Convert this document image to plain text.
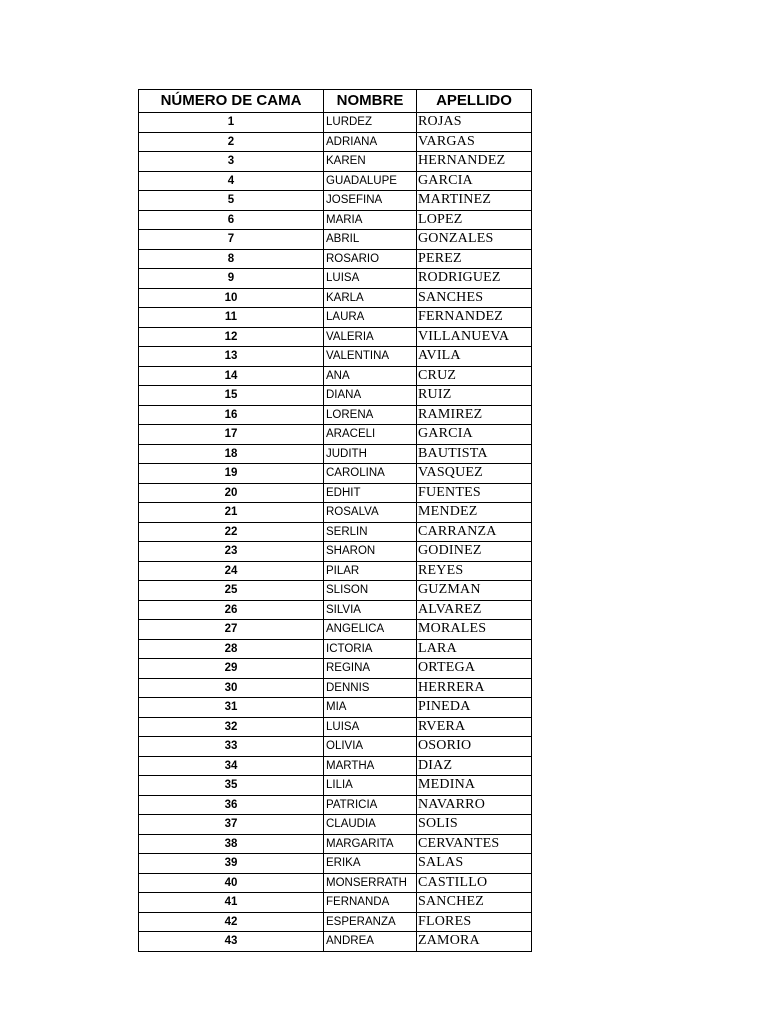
NÚMERO DE CAMA	NOMBRE	APELLIDO
1	LURDEZ	ROJAS
2	ADRIANA	VARGAS
3	KAREN	HERNANDEZ
4	GUADALUPE	GARCIA
5	JOSEFINA	MARTINEZ
6	MARIA	LOPEZ
7	ABRIL	GONZALES
8	ROSARIO	PEREZ
9	LUISA	RODRIGUEZ
10	KARLA	SANCHES
11	LAURA	FERNANDEZ
12	VALERIA	VILLANUEVA
13	VALENTINA	AVILA
14	ANA	CRUZ
15	DIANA	RUIZ
16	LORENA	RAMIREZ
17	ARACELI	GARCIA
18	JUDITH	BAUTISTA
19	CAROLINA	VASQUEZ
20	EDHIT	FUENTES
21	ROSALVA	MENDEZ
22	SERLIN	CARRANZA
23	SHARON	GODINEZ
24	PILAR	REYES
25	SLISON	GUZMAN
26	SILVIA	ALVAREZ
27	ANGELICA	MORALES
28	ICTORIA	LARA
29	REGINA	ORTEGA
30	DENNIS	HERRERA
31	MIA	PINEDA
32	LUISA	RVERA
33	OLIVIA	OSORIO
34	MARTHA	DIAZ
35	LILIA	MEDINA
36	PATRICIA	NAVARRO
37	CLAUDIA	SOLIS
38	MARGARITA	CERVANTES
39	ERIKA	SALAS
40	MONSERRATH	CASTILLO
41	FERNANDA	SANCHEZ
42	ESPERANZA	FLORES
43	ANDREA	ZAMORA
